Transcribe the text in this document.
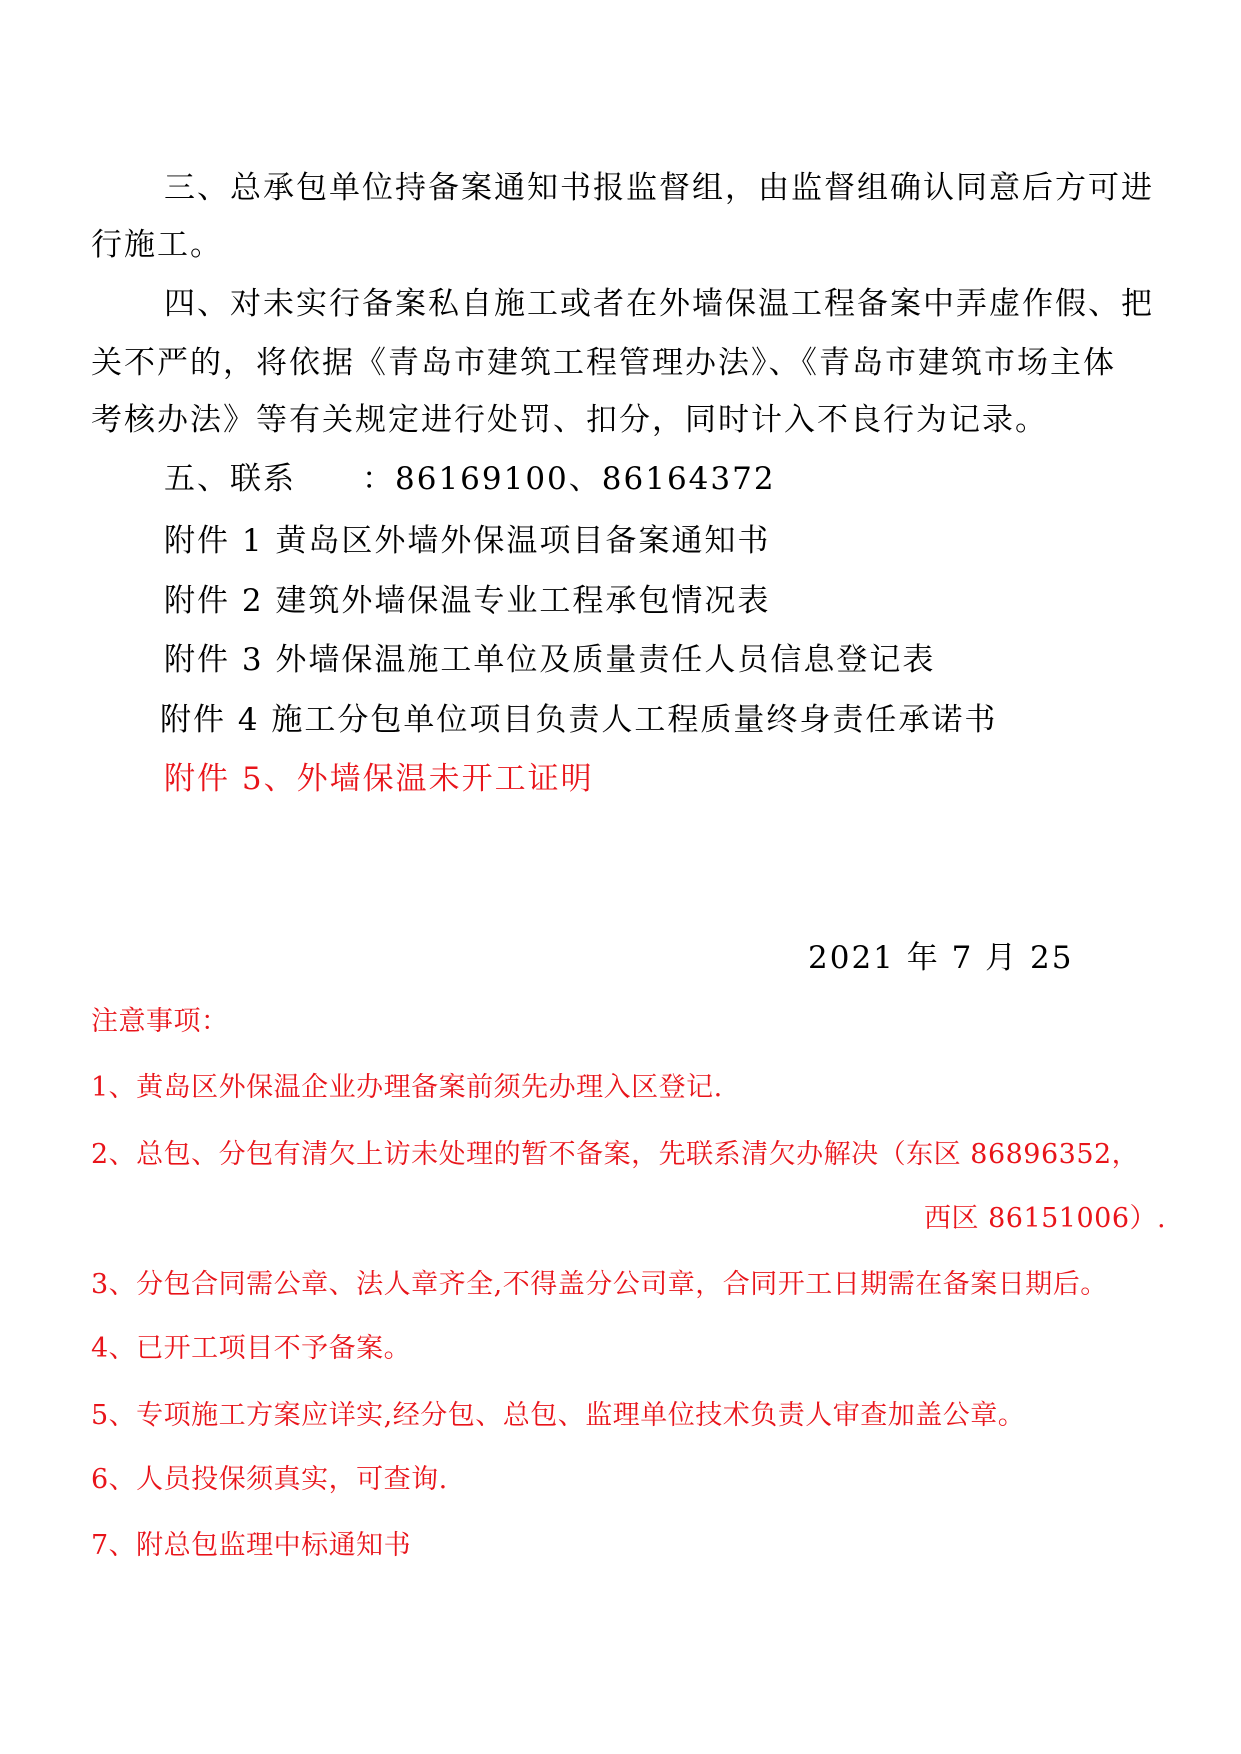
三、总承包单位持备案通知书报监督组，由监督组确认同意后方可进
行施工。
四、对未实行备案私自施工或者在外墙保温工程备案中弄虚作假、把
关不严的，将依据《青岛市建筑工程管理办法》、《青岛市建筑市场主体
考核办法》等有关规定进行处罚、扣分，同时计入不良行为记录。
五、联系　　：86169100、86164372
附件 1 黄岛区外墙外保温项目备案通知书
附件 2 建筑外墙保温专业工程承包情况表
附件 3 外墙保温施工单位及质量责任人员信息登记表
附件 4 施工分包单位项目负责人工程质量终身责任承诺书
附件 5、外墙保温未开工证明
2021 年 7 月 25
注意事项：
1、黄岛区外保温企业办理备案前须先办理入区登记.
2、总包、分包有清欠上访未处理的暂不备案，先联系清欠办解决（东区 86896352，
西区 86151006）.
3、分包合同需公章、法人章齐全,不得盖分公司章，合同开工日期需在备案日期后。
4、已开工项目不予备案。
5、专项施工方案应详实,经分包、总包、监理单位技术负责人审查加盖公章。
6、人员投保须真实，可查询.
7、附总包监理中标通知书
